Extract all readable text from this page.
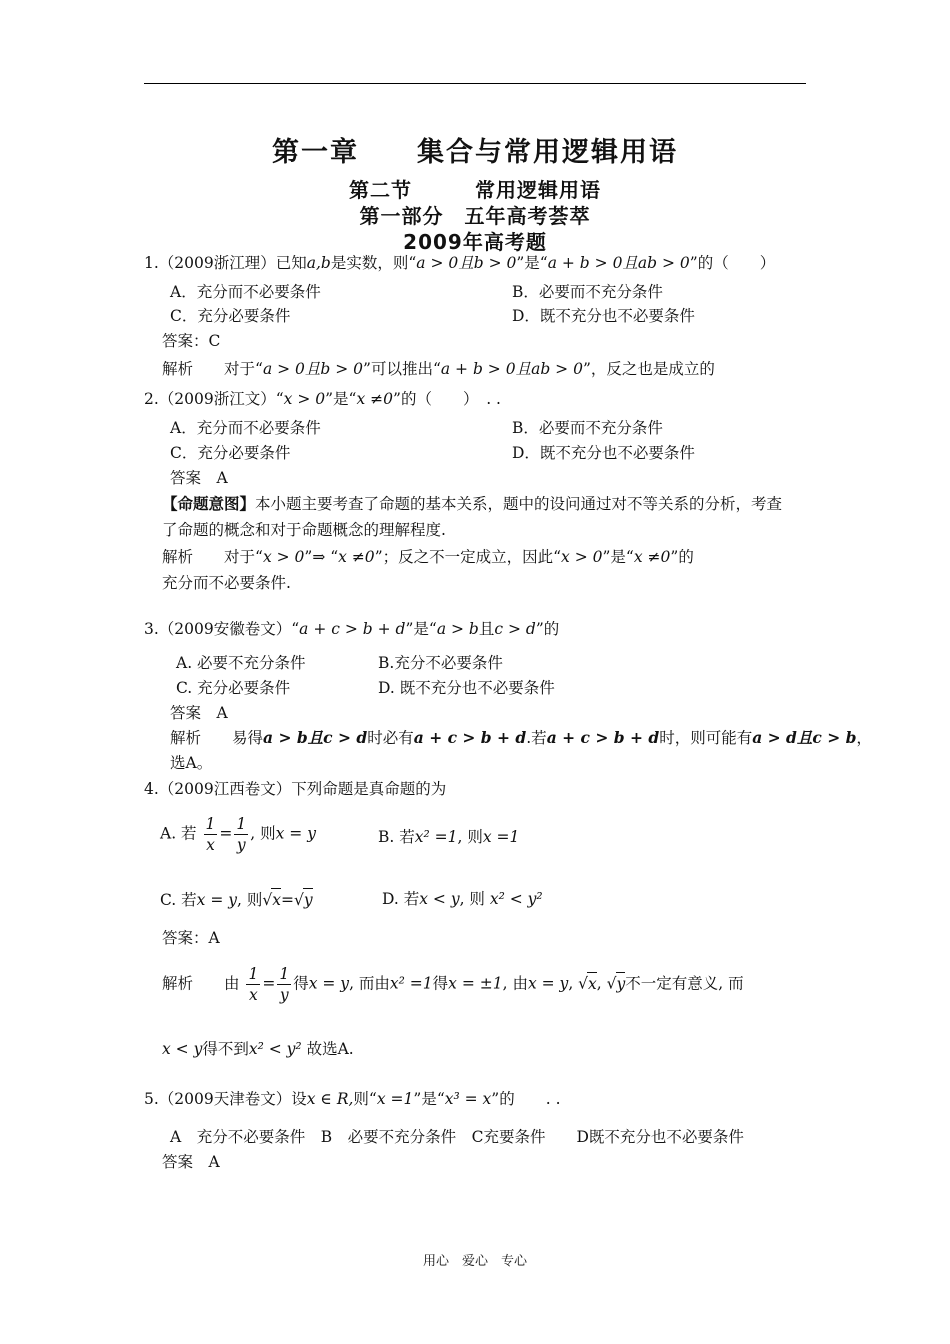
第一章　　集合与常用逻辑用语
第二节　　　常用逻辑用语
第一部分　五年高考荟萃
2009年高考题
1.（2009浙江理）已知a,b是实数，则“a > 0且b > 0”是“a + b > 0且ab > 0”的（　　）
A．充分而不必要条件	B．必要而不充分条件
C．充分必要条件	D．既不充分也不必要条件
答案：C
解析　　对于“a > 0且b > 0”可以推出“a + b > 0且ab > 0”，反之也是成立的
2.（2009浙江文）“x > 0”是“x ≠0”的（　　）　. .
A．充分而不必要条件	B．必要而不充分条件
C．充分必要条件	D．既不充分也不必要条件
答案　A
【命题意图】本小题主要考查了命题的基本关系，题中的设问通过对不等关系的分析，考查
了命题的概念和对于命题概念的理解程度.
解析　　对于“x > 0”⇒ “x ≠0”；反之不一定成立，因此“x > 0”是“x ≠0”的
充分而不必要条件.
3.（2009安徽卷文）“a + c > b + d”是“a > b且c > d”的
A. 必要不充分条件	B.充分不必要条件
C. 充分必要条件	D. 既不充分也不必要条件
答案　A
解析　　易得a > b且c > d时必有a + c > b + d.若a + c > b + d时，则可能有a > d且c > b，
选A。
4.（2009江西卷文）下列命题是真命题的为
A. 若 $\frac{1}{x} = \frac{1}{y}$ , 则x = y	B. 若x² =1, 则x =1
C. 若x = y, 则√x=√y	D. 若x < y, 则 x² < y²
答案：A
解析　　由 $\frac{1}{x} = \frac{1}{y}$ 得x = y, 而由x² =1得x = ±1, 由x = y, √x, √y不一定有意义, 而
x < y得不到x² < y² 故选A.
5.（2009天津卷文）设x ∈ R,则“x =1”是“x³ = x”的　　. .
A　充分不必要条件　B　必要不充分条件　C充要条件　　D既不充分也不必要条件
答案　A
用心　爱心　专心
